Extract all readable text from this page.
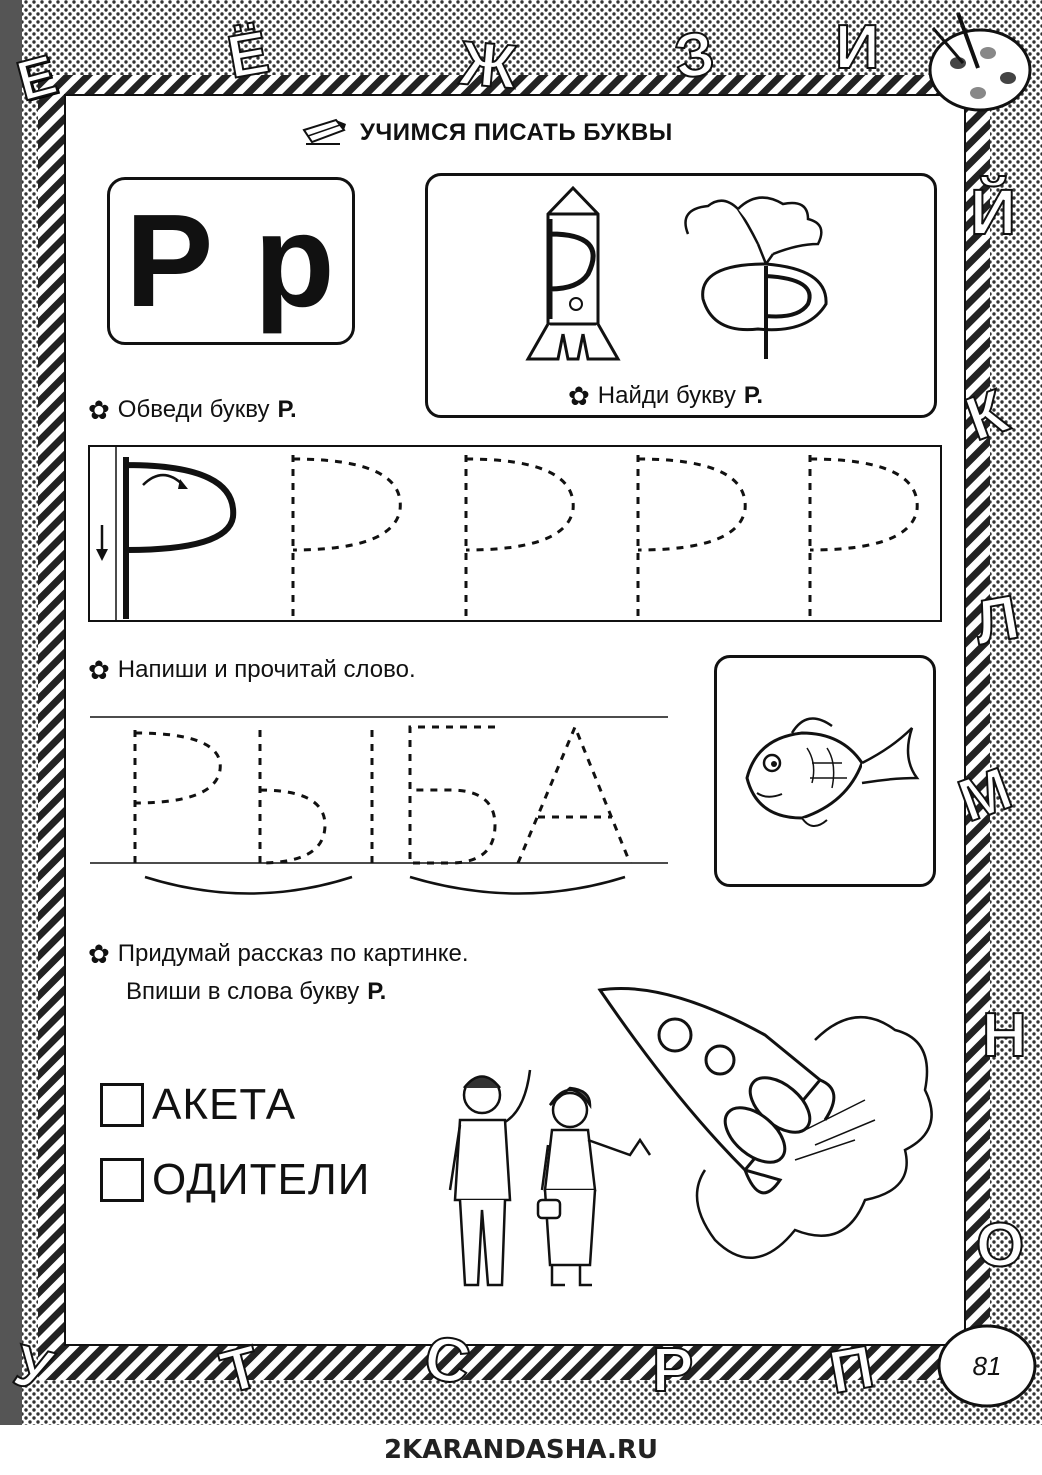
Е	Ё	Ж З И
Й
К
Л
М
Н
О
П
Р
С
Т
У
УЧИМСЯ ПИСАТЬ БУКВЫ
Р р
✿ Найди букву Р.
✿ Обведи букву Р.
✿ Напиши и прочитай слово.
✿ Придумай рассказ по картинке.
Впиши в слова букву Р.
АКЕТА
ОДИТЕЛИ
81
2KARANDASHA.RU
